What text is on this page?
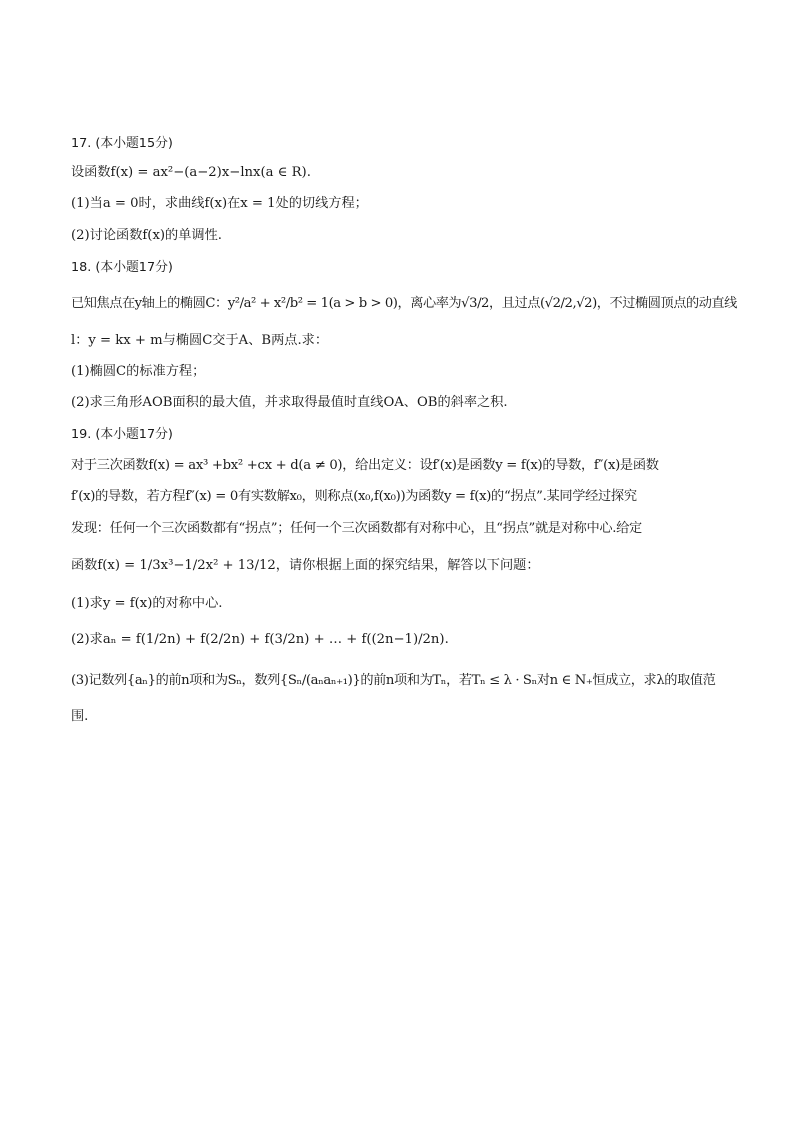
17. (本小题15分)
设函数f(x) = ax²−(a−2)x−lnx(a ∈ R).
(1)当a = 0时，求曲线f(x)在x = 1处的切线方程；
(2)讨论函数f(x)的单调性.
18. (本小题17分)
已知焦点在y轴上的椭圆C：y²/a² + x²/b² = 1(a > b > 0)，离心率为√3/2，且过点(√2/2,√2)，不过椭圆顶点的动直线
l：y = kx + m与椭圆C交于A、B两点.求：
(1)椭圆C的标准方程；
(2)求三角形AOB面积的最大值，并求取得最值时直线OA、OB的斜率之积.
19. (本小题17分)
对于三次函数f(x) = ax³ +bx² +cx + d(a ≠ 0)，给出定义：设f′(x)是函数y = f(x)的导数，f″(x)是函数
f′(x)的导数，若方程f″(x) = 0有实数解x₀，则称点(x₀,f(x₀))为函数y = f(x)的“拐点”.某同学经过探究
发现：任何一个三次函数都有“拐点”；任何一个三次函数都有对称中心，且“拐点”就是对称中心.给定
函数f(x) = 1/3x³−1/2x² + 13/12，请你根据上面的探究结果，解答以下问题：
(1)求y = f(x)的对称中心.
(2)求aₙ = f(1/2n) + f(2/2n) + f(3/2n) + … + f((2n−1)/2n).
(3)记数列{aₙ}的前n项和为Sₙ，数列{Sₙ/(aₙaₙ₊₁)}的前n项和为Tₙ，若Tₙ ≤ λ · Sₙ对n ∈ N₊恒成立，求λ的取值范
围.
